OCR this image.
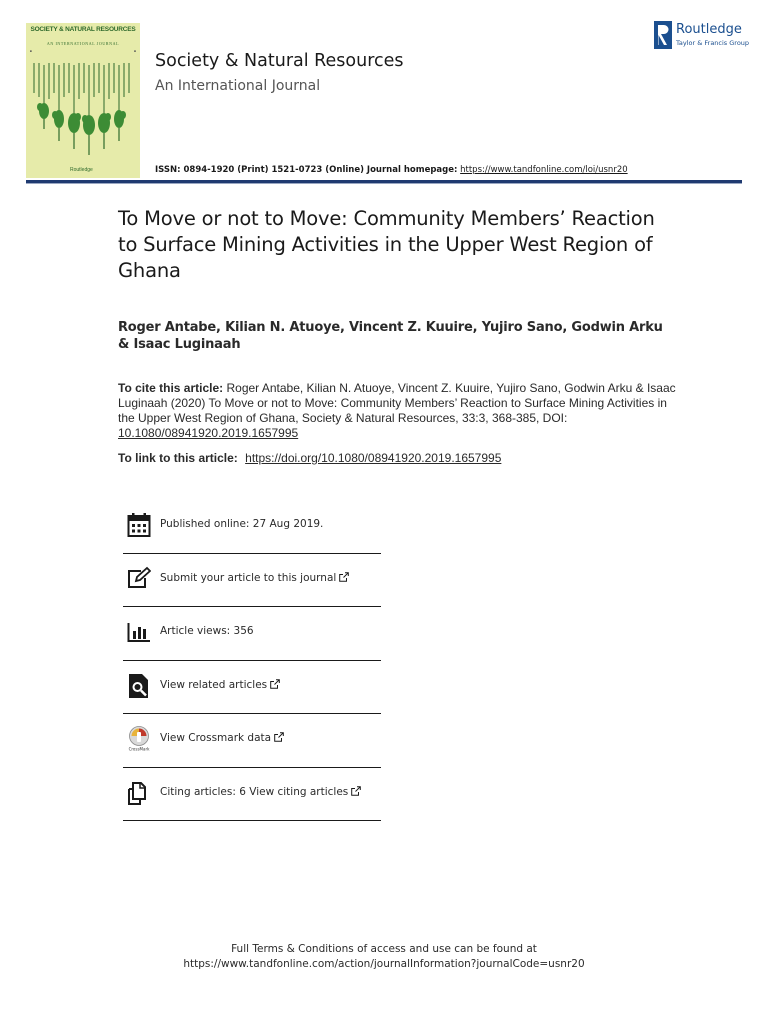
SOCIETY & NATURAL RESOURCES
AN INTERNATIONAL JOURNAL
■	■
Routledge
Society & Natural Resources
An International Journal
ISSN: 0894-1920 (Print) 1521-0723 (Online) Journal homepage: https://www.tandfonline.com/loi/usnr20
Routledge
Taylor & Francis Group
To Move or not to Move: Community Members’ Reaction to Surface Mining Activities in the Upper West Region of Ghana
Roger Antabe, Kilian N. Atuoye, Vincent Z. Kuuire, Yujiro Sano, Godwin Arku & Isaac Luginaah
To cite this article: Roger Antabe, Kilian N. Atuoye, Vincent Z. Kuuire, Yujiro Sano, Godwin Arku & Isaac Luginaah (2020) To Move or not to Move: Community Members’ Reaction to Surface Mining Activities in the Upper West Region of Ghana, Society & Natural Resources, 33:3, 368-385, DOI: 10.1080/08941920.2019.1657995
To link to this article: https://doi.org/10.1080/08941920.2019.1657995
Published online: 27 Aug 2019.
Submit your article to this journal
Article views: 356
View related articles
CrossMark
View Crossmark data
Citing articles: 6 View citing articles
Full Terms & Conditions of access and use can be found at
https://www.tandfonline.com/action/journalInformation?journalCode=usnr20
